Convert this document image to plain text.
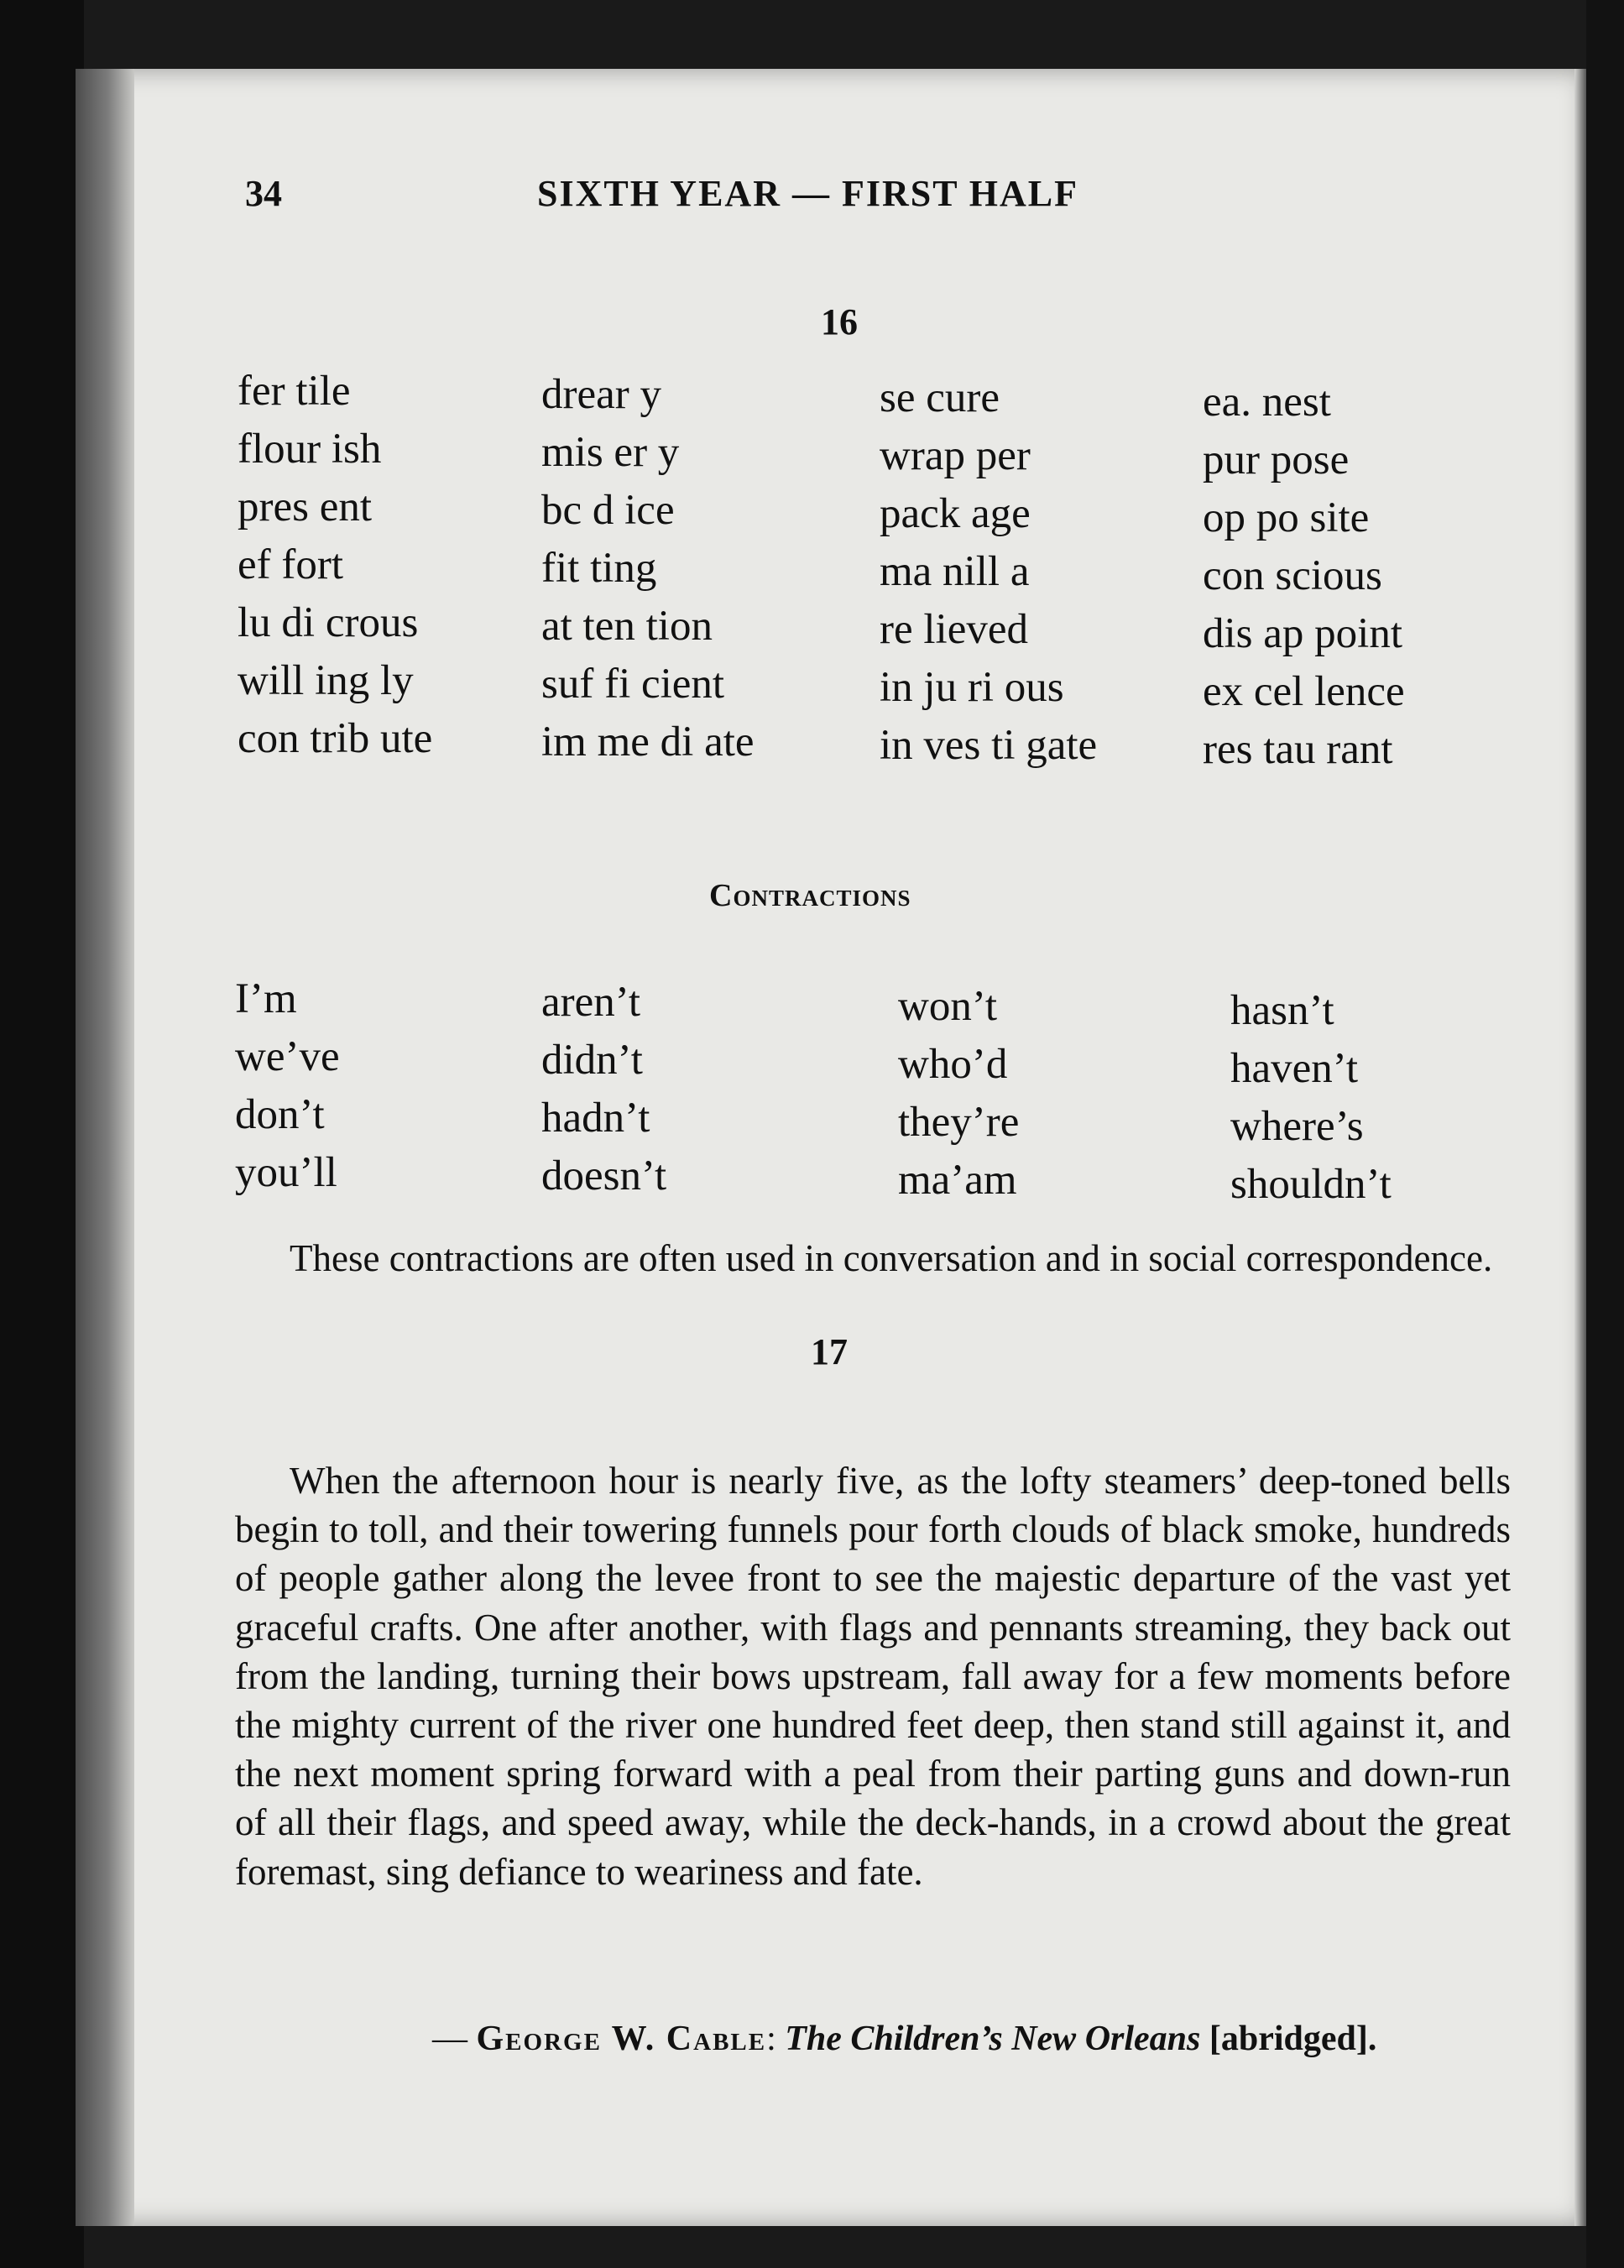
34	SIXTH YEAR — FIRST HALF
16
fer tile
flour ish
pres ent
ef fort
lu di crous
will ing ly
con trib ute
drear y
mis er y
bc d ice
fit ting
at ten tion
suf fi cient
im me di ate
se cure
wrap per
pack age
ma nill a
re lieved
in ju ri ous
in ves ti gate
ea. nest
pur pose
op po site
con scious
dis ap point
ex cel lence
res tau rant
Contractions
I’m
we’ve
don’t
you’ll
aren’t
didn’t
hadn’t
doesn’t
won’t
who’d
they’re
ma’am
hasn’t
haven’t
where’s
shouldn’t
These contractions are often used in conversation and in social correspondence.
17
When the afternoon hour is nearly five, as the lofty steamers’ deep-toned bells begin to toll, and their towering funnels pour forth clouds of black smoke, hundreds of people gather along the levee front to see the majestic departure of the vast yet graceful crafts. One after another, with flags and pennants streaming, they back out from the landing, turning their bows upstream, fall away for a few moments before the mighty current of the river one hundred feet deep, then stand still against it, and the next moment spring forward with a peal from their parting guns and down-run of all their flags, and speed away, while the deck-hands, in a crowd about the great foremast, sing defiance to weariness and fate.
— George W. Cable: The Children’s New Orleans [abridged].
